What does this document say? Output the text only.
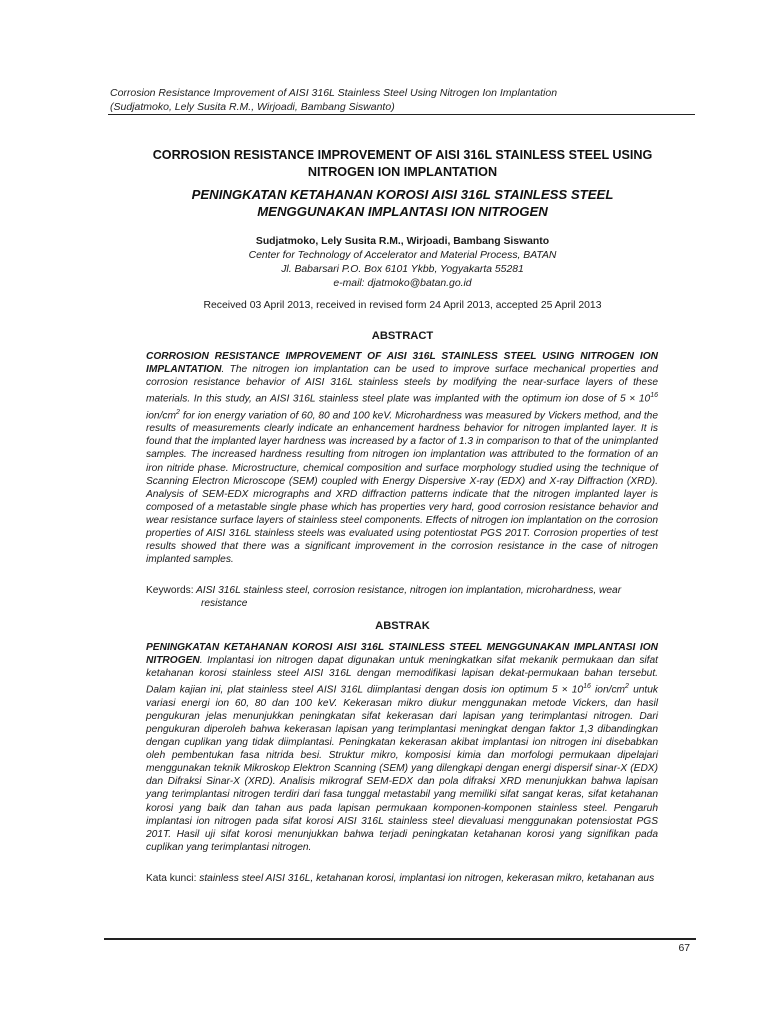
Corrosion Resistance Improvement of AISI 316L Stainless Steel Using Nitrogen Ion Implantation
(Sudjatmoko, Lely Susita R.M., Wirjoadi, Bambang Siswanto)
CORROSION RESISTANCE IMPROVEMENT OF AISI 316L STAINLESS STEEL USING NITROGEN ION IMPLANTATION
PENINGKATAN KETAHANAN KOROSI AISI 316L STAINLESS STEEL MENGGUNAKAN IMPLANTASI ION NITROGEN
Sudjatmoko, Lely Susita R.M., Wirjoadi, Bambang Siswanto
Center for Technology of Accelerator and Material Process, BATAN
Jl. Babarsari P.O. Box 6101 Ykbb, Yogyakarta 55281
e-mail: djatmoko@batan.go.id
Received 03 April 2013, received in revised form 24 April 2013, accepted 25 April 2013
ABSTRACT
CORROSION RESISTANCE IMPROVEMENT OF AISI 316L STAINLESS STEEL USING NITROGEN ION IMPLANTATION. The nitrogen ion implantation can be used to improve surface mechanical properties and corrosion resistance behavior of AISI 316L stainless steels by modifying the near-surface layers of these materials. In this study, an AISI 316L stainless steel plate was implanted with the optimum ion dose of $5 \times 10^{16}$ ion/$cm^2$ for ion energy variation of 60, 80 and 100 keV. Microhardness was measured by Vickers method, and the results of measurements clearly indicate an enhancement hardness behavior for nitrogen implanted layer. It is found that the implanted layer hardness was increased by a factor of 1.3 in comparison to that of the unimplanted samples. The increased hardness resulting from nitrogen ion implantation was attributed to the formation of an iron nitride phase. Microstructure, chemical composition and surface morphology studied using the technique of Scanning Electron Microscope (SEM) coupled with Energy Dispersive X-ray (EDX) and X-ray Diffraction (XRD). Analysis of SEM-EDX micrographs and XRD diffraction patterns indicate that the nitrogen implanted layer is composed of a metastable single phase which has properties very hard, good corrosion resistance behavior and wear resistance surface layers of stainless steel components. Effects of nitrogen ion implantation on the corrosion properties of AISI 316L stainless steels was evaluated using potentiostat PGS 201T. Corrosion properties of test results showed that there was a significant improvement in the corrosion resistance in the case of nitrogen implanted samples.
Keywords: AISI 316L stainless steel, corrosion resistance, nitrogen ion implantation, microhardness, wear resistance
ABSTRAK
PENINGKATAN KETAHANAN KOROSI AISI 316L STAINLESS STEEL MENGGUNAKAN IMPLANTASI ION NITROGEN. Implantasi ion nitrogen dapat digunakan untuk meningkatkan sifat mekanik permukaan dan sifat ketahanan korosi stainless steel AISI 316L dengan memodifikasi lapisan dekat-permukaan bahan tersebut. Dalam kajian ini, plat stainless steel AISI 316L diimplantasi dengan dosis ion optimum $5 \times 10^{16}$ ion/$cm^2$ untuk variasi energi ion 60, 80 dan 100 keV. Kekerasan mikro diukur menggunakan metode Vickers, dan hasil pengukuran jelas menunjukkan peningkatan sifat kekerasan dari lapisan yang terimplantasi nitrogen. Dari pengukuran diperoleh bahwa kekerasan lapisan yang terimplantasi meningkat dengan faktor 1,3 dibandingkan dengan cuplikan yang tidak diimplantasi. Peningkatan kekerasan akibat implantasi ion nitrogen ini disebabkan oleh pembentukan fasa nitrida besi. Struktur mikro, komposisi kimia dan morfologi permukaan dipelajari menggunakan teknik Mikroskop Elektron Scanning (SEM) yang dilengkapi dengan energi dispersif sinar-X (EDX) dan Difraksi Sinar-X (XRD). Analisis mikrograf SEM-EDX dan pola difraksi XRD menunjukkan bahwa lapisan yang terimplantasi nitrogen terdiri dari fasa tunggal metastabil yang memiliki sifat sangat keras, sifat ketahanan korosi yang baik dan tahan aus pada lapisan permukaan komponen-komponen stainless steel. Pengaruh implantasi ion nitrogen pada sifat korosi AISI 316L stainless steel dievaluasi menggunakan potensiostat PGS 201T. Hasil uji sifat korosi menunjukkan bahwa terjadi peningkatan ketahanan korosi yang signifikan pada cuplikan yang terimplantasi nitrogen.
Kata kunci: stainless steel AISI 316L, ketahanan korosi, implantasi ion nitrogen, kekerasan mikro, ketahanan aus
67
